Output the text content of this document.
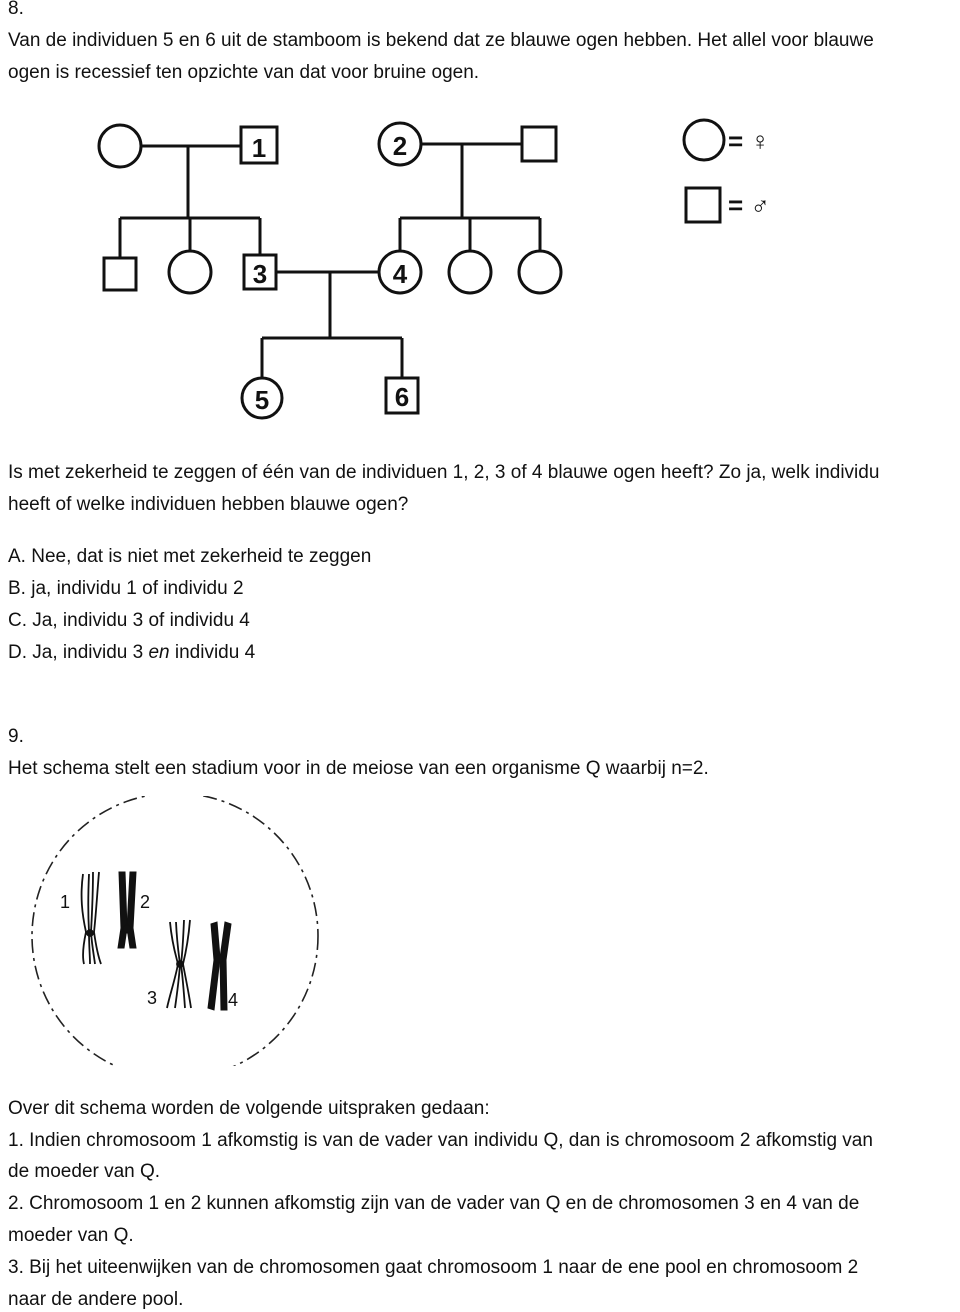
8.
Van de individuen 5 en 6 uit de stamboom is bekend dat ze blauwe ogen hebben. Het allel voor blauwe
ogen is recessief ten opzichte van dat voor bruine ogen.
1	2
3	4
5	6
= ♀
= ♂
Is met zekerheid te zeggen of één van de individuen 1, 2, 3 of 4 blauwe ogen heeft? Zo ja, welk individu
heeft of welke individuen hebben blauwe ogen?
A. Nee, dat is niet met zekerheid te zeggen
B. ja, individu 1 of individu 2
C. Ja, individu 3 of individu 4
D. Ja, individu 3 en individu 4
9.
Het schema stelt een stadium voor in de meiose van een organisme Q waarbij n=2.
1	2
3	4
Over dit schema worden de volgende uitspraken gedaan:
1. Indien chromosoom 1 afkomstig is van de vader van individu Q, dan is chromosoom 2 afkomstig van
de moeder van Q.
2. Chromosoom 1 en 2 kunnen afkomstig zijn van de vader van Q en de chromosomen 3 en 4 van de
moeder van Q.
3. Bij het uiteenwijken van de chromosomen gaat chromosoom 1 naar de ene pool en chromosoom 2
naar de andere pool.
